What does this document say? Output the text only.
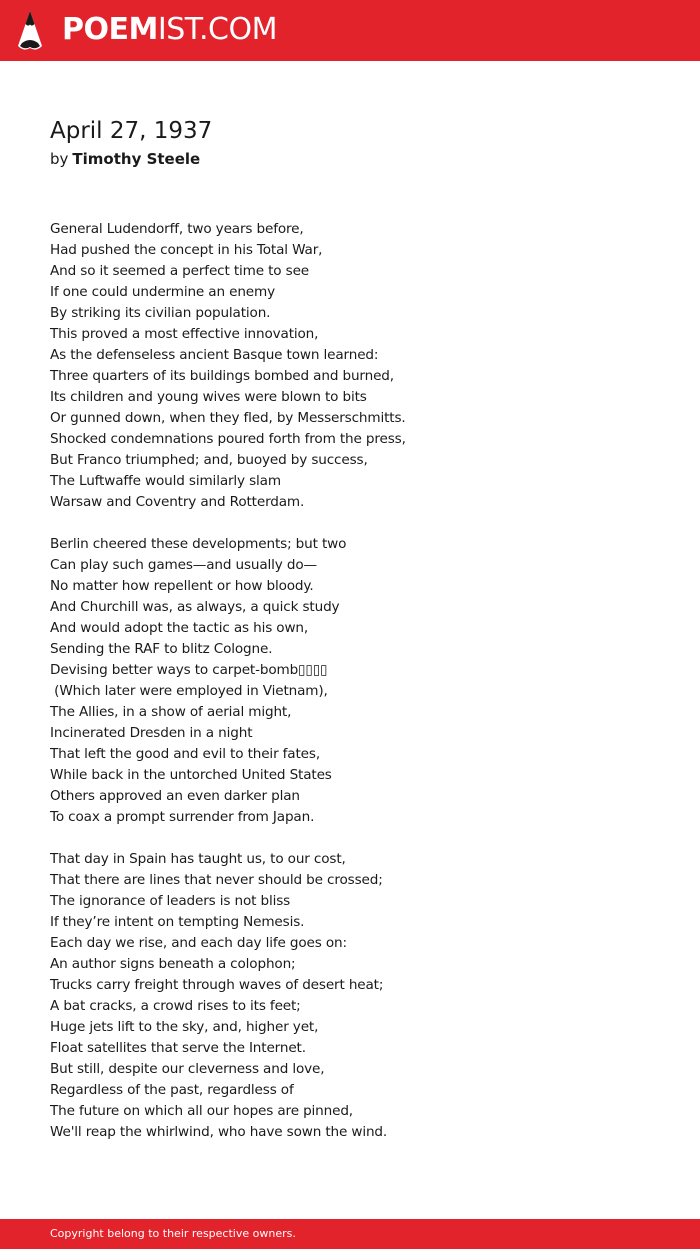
POEMIST.COM
April 27, 1937
by Timothy Steele
General Ludendorff, two years before,
Had pushed the concept in his Total War,
And so it seemed a perfect time to see
If one could undermine an enemy
By striking its civilian population.
This proved a most effective innovation,
As the defenseless ancient Basque town learned:
Three quarters of its buildings bombed and burned,
Its children and young wives were blown to bits
Or gunned down, when they fled, by Messerschmitts.
Shocked condemnations poured forth from the press,
But Franco triumphed; and, buoyed by success,
The Luftwaffe would similarly slam
Warsaw and Coventry and Rotterdam.
Berlin cheered these developments; but two
Can play such games—and usually do—
No matter how repellent or how bloody.
And Churchill was, as always, a quick study
And would adopt the tactic as his own,
Sending the RAF to blitz Cologne.
Devising better ways to carpet-bomb▯▯▯▯
(Which later were employed in Vietnam),
The Allies, in a show of aerial might,
Incinerated Dresden in a night
That left the good and evil to their fates,
While back in the untorched United States
Others approved an even darker plan
To coax a prompt surrender from Japan.
That day in Spain has taught us, to our cost,
That there are lines that never should be crossed;
The ignorance of leaders is not bliss
If they’re intent on tempting Nemesis.
Each day we rise, and each day life goes on:
An author signs beneath a colophon;
Trucks carry freight through waves of desert heat;
A bat cracks, a crowd rises to its feet;
Huge jets lift to the sky, and, higher yet,
Float satellites that serve the Internet.
But still, despite our cleverness and love,
Regardless of the past, regardless of
The future on which all our hopes are pinned,
We'll reap the whirlwind, who have sown the wind.
Copyright belong to their respective owners.
